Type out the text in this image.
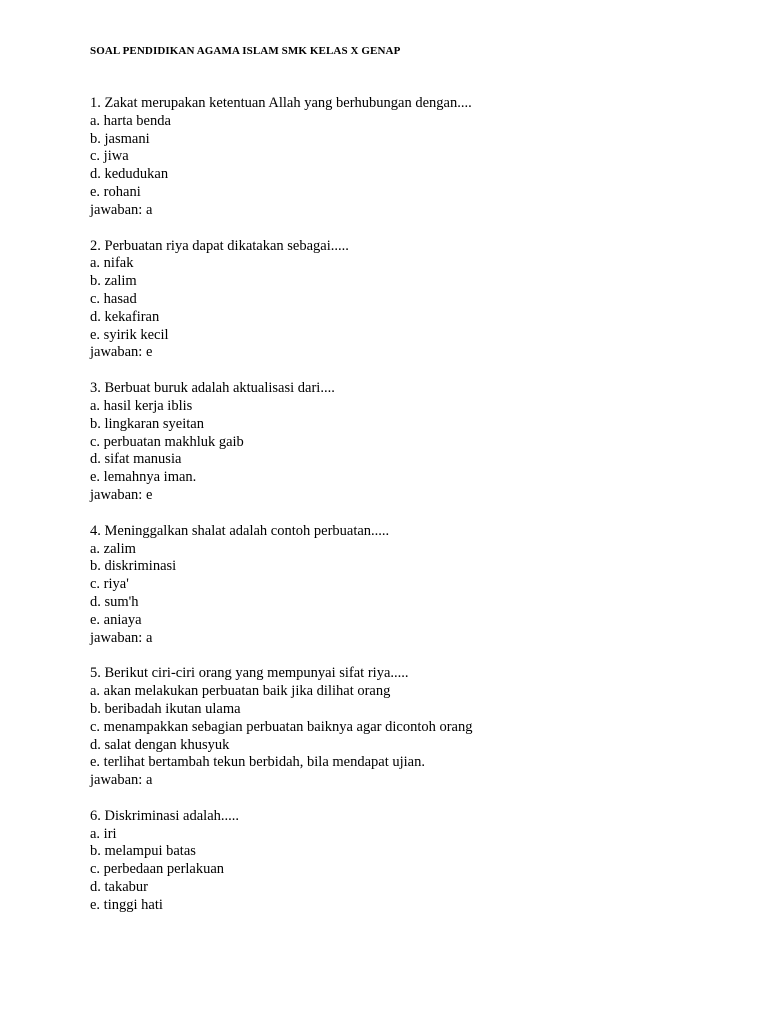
SOAL PENDIDIKAN AGAMA ISLAM SMK KELAS X GENAP
1. Zakat merupakan ketentuan Allah yang berhubungan dengan....
a. harta benda
b. jasmani
c. jiwa
d. kedudukan
e. rohani
jawaban: a
2. Perbuatan riya dapat dikatakan sebagai.....
a. nifak
b. zalim
c. hasad
d. kekafiran
e. syirik kecil
jawaban: e
3. Berbuat buruk adalah aktualisasi dari....
a. hasil kerja iblis
b. lingkaran syeitan
c. perbuatan makhluk gaib
d. sifat manusia
e. lemahnya iman.
jawaban: e
4. Meninggalkan shalat adalah contoh perbuatan.....
a. zalim
b. diskriminasi
c. riya'
d. sum'h
e. aniaya
jawaban: a
5. Berikut ciri-ciri orang yang mempunyai sifat riya.....
a. akan melakukan perbuatan baik jika dilihat orang
b. beribadah ikutan ulama
c. menampakkan sebagian perbuatan baiknya agar dicontoh orang
d. salat dengan khusyuk
e. terlihat bertambah tekun berbidah, bila mendapat ujian.
jawaban: a
6. Diskriminasi adalah.....
a. iri
b. melampui batas
c. perbedaan perlakuan
d. takabur
e. tinggi hati
